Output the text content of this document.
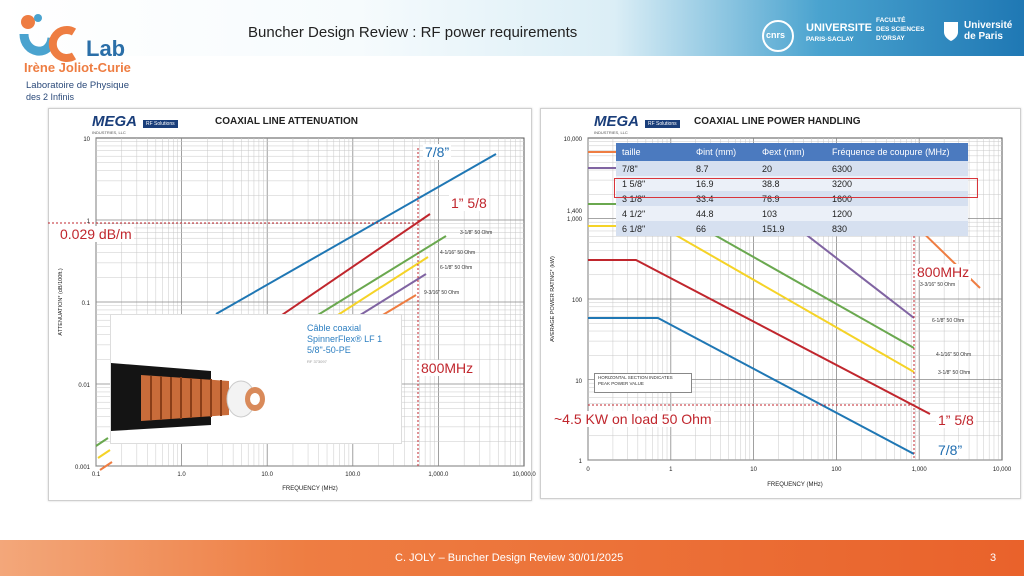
Lab
Irène Joliot-Curie
Laboratoire de Physique
des 2 Infinis
Buncher Design Review : RF power requirements	cnrs
UNIVERSITE
PARIS-SACLAY
FACULTÉ
DES SCIENCES
D'ORSAY
Université
de Paris
MEGA	RF Solutions
INDUSTRIES, LLC
COAXIAL LINE ATTENUATION
0.1	1.0	10.0	100.0	1,000.0	10,000.0
10
1
0.1
0.01
0.001
FREQUENCY (MHz)
ATTENUATION* (dB/100ft.)
3-1/8" 50 Ohm
4-1/16" 50 Ohm
6-1/8" 50 Ohm
9-3/16" 50 Ohm
7/8”
1” 5/8
0.029 dB/m
800MHz
Câble coaxial
SpinnerFlex® LF 1
5/8"-50-PE
RF 373097
MEGA	RF Solutions
INDUSTRIES, LLC
COAXIAL LINE POWER HANDLING
0	1	10	100	1,000	10,000
10,000
1,400
1,000
100
10
1
FREQUENCY (MHz)
AVERAGE POWER RATING* (kW)
HORIZONTAL SECTION INDICATES
PEAK POWER VALUE
3-3/16" 50 Ohm
6-1/8" 50 Ohm
4-1/16" 50 Ohm
3-1/8" 50 Ohm
800MHz
~4.5 KW on load 50 Ohm	1” 5/8
7/8”
taille	Φint (mm)	Φext (mm)	Fréquence de coupure (MHz)
7/8"	8.7	20	6300
1 5/8"	16.9	38.8	3200
3 1/8"	33.4	76.9	1600
4 1/2"	44.8	103	1200
6 1/8"	66	151.9	830
C. JOLY – Buncher Design Review 30/01/2025	3
